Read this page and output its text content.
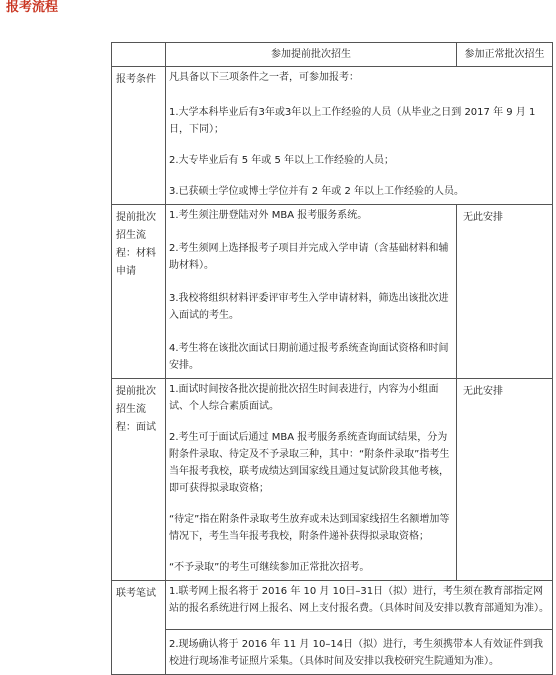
报考流程
	参加提前批次招生	参加正常批次招生
报考条件	凡具备以下三项条件之一者，可参加报考：

1.大学本科毕业后有3年或3年以上工作经验的人员（从毕业之日到 2017 年 9 月 1日，下同）；

2.大专毕业后有 5 年或 5 年以上工作经验的人员；

3.已获硕士学位或博士学位并有 2 年或 2 年以上工作经验的人员。	

提前批次招生流程：材料申请	1.考生须注册登陆对外 MBA 报考服务系统。

2.考生须网上选择报考子项目并完成入学申请（含基础材料和辅助材料）。

3.我校将组织材料评委评审考生入学申请材料，筛选出该批次进入面试的考生。

4.考生将在该批次面试日期前通过报考系统查询面试资格和时间安排。	无此安排
提前批次招生流程：面试	1.面试时间按各批次提前批次招生时间表进行，内容为小组面试、个人综合素质面试。

2.考生可于面试后通过 MBA 报考服务系统查询面试结果，分为附条件录取、待定及不予录取三种，其中：“附条件录取”指考生当年报考我校，联考成绩达到国家线且通过复试阶段其他考核，即可获得拟录取资格；

“待定”指在附条件录取考生放弃或未达到国家线招生名额增加等情况下，考生当年报考我校，附条件递补获得拟录取资格；

“不予录取”的考生可继续参加正常批次招考。	无此安排
联考笔试	1.联考网上报名将于 2016 年 10 月 10日–31日（拟）进行，考生须在教育部指定网站的报名系统进行网上报名、网上支付报名费。（具体时间及安排以教育部通知为准）。	

	2.现场确认将于 2016 年 11 月 10–14日（拟）进行，考生须携带本人有效证件到我校进行现场准考证照片采集。（具体时间及安排以我校研究生院通知为准）。	
